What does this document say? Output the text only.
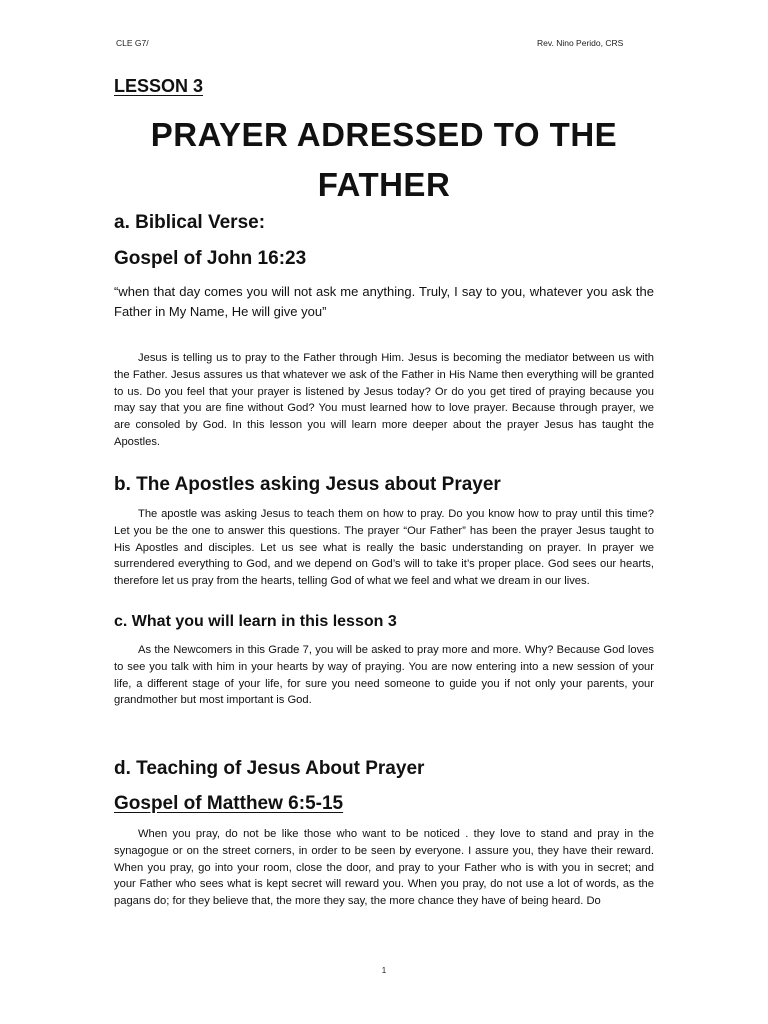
CLE G7/	Rev. Nino Perido, CRS
LESSON 3
PRAYER ADRESSED TO THE
FATHER
a. Biblical Verse:
Gospel of John 16:23

“when that day comes you will not ask me anything. Truly, I say to you, whatever you ask the Father in My Name, He will give you”

Jesus is telling us to pray to the Father through Him. Jesus is becoming the mediator between us with the Father. Jesus assures us that whatever we ask of the Father in His Name then everything will be granted to us. Do you feel that your prayer is listened by Jesus today? Or do you get tired of praying because you may say that you are fine without God? You must learned how to love prayer. Because through prayer, we are consoled by God. In this lesson you will learn more deeper about the prayer Jesus has taught the Apostles.

b. The Apostles asking Jesus about Prayer

The apostle was asking Jesus to teach them on how to pray. Do you know how to pray until this time? Let you be the one to answer this questions. The prayer “Our Father” has been the prayer Jesus taught to His Apostles and disciples. Let us see what is really the basic understanding on prayer. In prayer we surrendered everything to God, and we depend on God’s will to take it’s proper place. God sees our hearts, therefore let us pray from the hearts, telling God of what we feel and what we dream in our lives.

c. What you will learn in this lesson 3

As the Newcomers in this Grade 7, you will be asked to pray more and more. Why? Because God loves to see you talk with him in your hearts by way of praying. You are now entering into a new session of your life, a different stage of your life, for sure you need someone to guide you if not only your parents, your grandmother but most important is God.

d. Teaching of Jesus About Prayer
Gospel of Matthew 6:5-15

When you pray, do not be like those who want to be noticed . they love to stand and pray in the synagogue or on the street corners, in order to be seen by everyone. I assure you, they have their reward. When you pray, go into your room, close the door, and pray to your Father who is with you in secret; and your Father who sees what is kept secret will reward you. When you pray, do not use a lot of words, as the pagans do; for they believe that, the more they say, the more chance they have of being heard. Do

1
